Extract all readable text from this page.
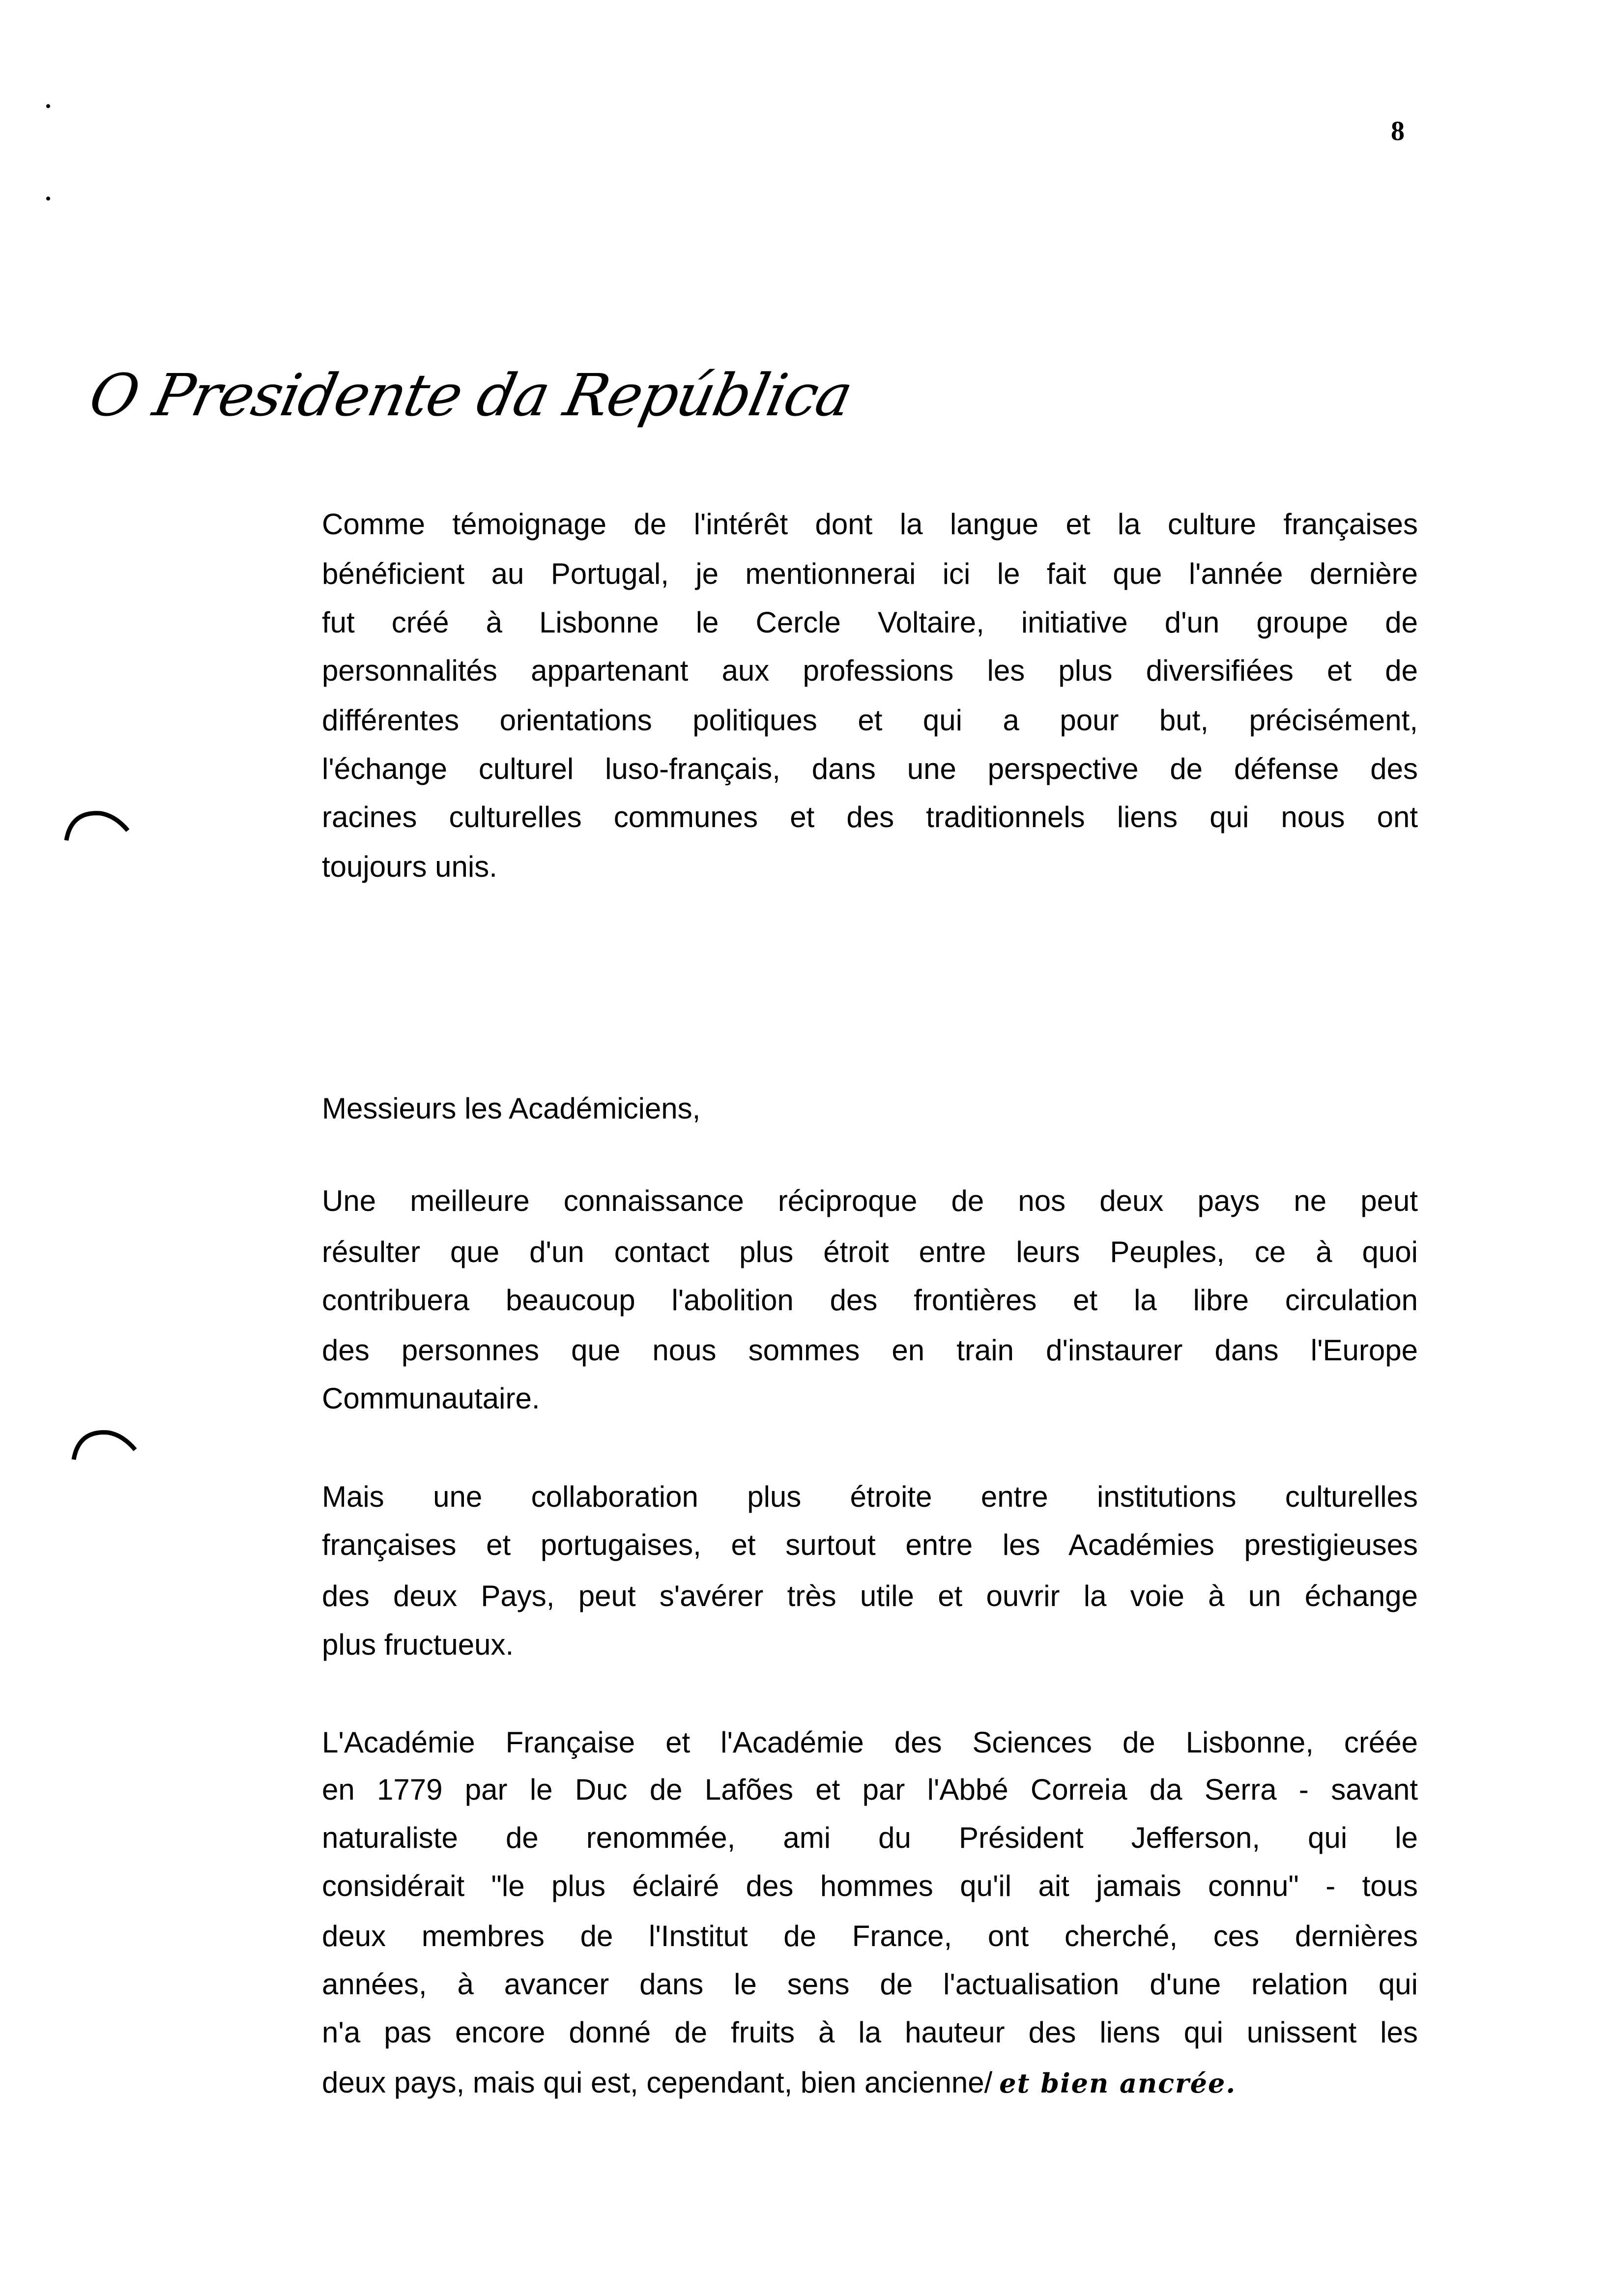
8
O Presidente da República
Comme témoignage de l'intérêt dont la langue et la culture françaises
bénéficient au Portugal, je mentionnerai ici le fait que l'année dernière
fut créé à Lisbonne le Cercle Voltaire, initiative d'un groupe de
personnalités appartenant aux professions les plus diversifiées et de
différentes orientations politiques et qui a pour but, précisément,
l'échange culturel luso-français, dans une perspective de défense des
racines culturelles communes et des traditionnels liens qui nous ont
toujours unis.
Messieurs les Académiciens,
Une meilleure connaissance réciproque de nos deux pays ne peut
résulter que d'un contact plus étroit entre leurs Peuples, ce à quoi
contribuera beaucoup l'abolition des frontières et la libre circulation
des personnes que nous sommes en train d'instaurer dans l'Europe
Communautaire.
Mais une collaboration plus étroite entre institutions culturelles
françaises et portugaises, et surtout entre les Académies prestigieuses
des deux Pays, peut s'avérer très utile et ouvrir la voie à un échange
plus fructueux.
L'Académie Française et l'Académie des Sciences de Lisbonne, créée
en 1779 par le Duc de Lafões et par l'Abbé Correia da Serra - savant
naturaliste de renommée, ami du Président Jefferson, qui le
considérait "le plus éclairé des hommes qu'il ait jamais connu" - tous
deux membres de l'Institut de France, ont cherché, ces dernières
années, à avancer dans le sens de l'actualisation d'une relation qui
n'a pas encore donné de fruits à la hauteur des liens qui unissent les
deux pays, mais qui est, cependant, bien ancienne/ et bien ancrée.
